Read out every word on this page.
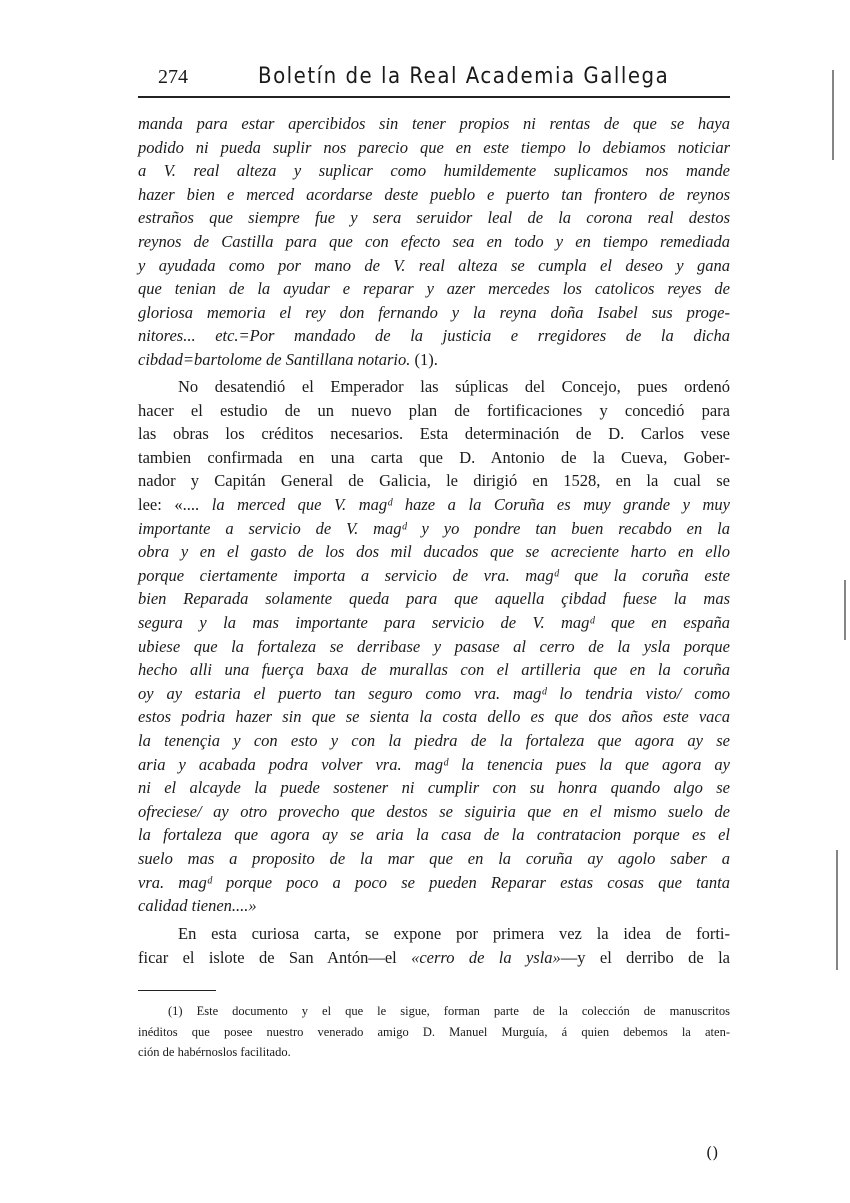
274	Boletín de la Real Academia Gallega
manda para estar apercibidos sin tener propios ni rentas de que se haya
podido ni pueda suplir nos parecio que en este tiempo lo debiamos noticiar
a V. real alteza y suplicar como humildemente suplicamos nos mande
hazer bien e merced acordarse deste pueblo e puerto tan frontero de reynos
estraños que siempre fue y sera seruidor leal de la corona real destos
reynos de Castilla para que con efecto sea en todo y en tiempo remediada
y ayudada como por mano de V. real alteza se cumpla el deseo y gana
que tenian de la ayudar e reparar y azer mercedes los catolicos reyes de
gloriosa memoria el rey don fernando y la reyna doña Isabel sus proge-
nitores... etc.=Por mandado de la justicia e rregidores de la dicha
cibdad=bartolome de Santillana notario. (1).
No desatendió el Emperador las súplicas del Concejo, pues ordenó
hacer el estudio de un nuevo plan de fortificaciones y concedió para
las obras los créditos necesarios. Esta determinación de D. Carlos vese
tambien confirmada en una carta que D. Antonio de la Cueva, Gober-
nador y Capitán General de Galicia, le dirigió en 1528, en la cual se
lee: «.... la merced que V. magᵈ haze a la Coruña es muy grande y muy
importante a servicio de V. magᵈ y yo pondre tan buen recabdo en la
obra y en el gasto de los dos mil ducados que se acreciente harto en ello
porque ciertamente importa a servicio de vra. magᵈ que la coruña este
bien Reparada solamente queda para que aquella çibdad fuese la mas
segura y la mas importante para servicio de V. magᵈ que en españa
ubiese que la fortaleza se derribase y pasase al cerro de la ysla porque
hecho alli una fuerça baxa de murallas con el artilleria que en la coruña
oy ay estaria el puerto tan seguro como vra. magᵈ lo tendria visto/ como
estos podria hazer sin que se sienta la costa dello es que dos años este vaca
la tenençia y con esto y con la piedra de la fortaleza que agora ay se
aria y acabada podra volver vra. magᵈ la tenencia pues la que agora ay
ni el alcayde la puede sostener ni cumplir con su honra quando algo se
ofreciese/ ay otro provecho que destos se siguiria que en el mismo suelo de
la fortaleza que agora ay se aria la casa de la contratacion porque es el
suelo mas a proposito de la mar que en la coruña ay agolo saber a
vra. magᵈ porque poco a poco se pueden Reparar estas cosas que tanta
calidad tienen....»
En esta curiosa carta, se expone por primera vez la idea de forti-
ficar el islote de San Antón—el «cerro de la ysla»—y el derribo de la
(1) Este documento y el que le sigue, forman parte de la colección de manuscritos
inéditos que posee nuestro venerado amigo D. Manuel Murguía, á quien debemos la aten-
ción de habérnoslos facilitado.
()
